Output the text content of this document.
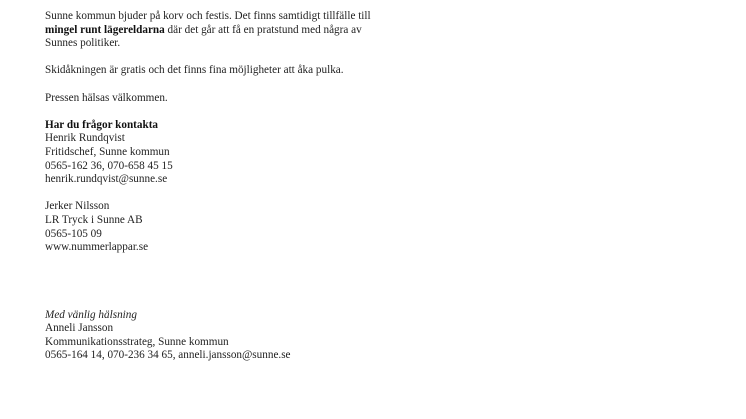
Sunne kommun bjuder på korv och festis. Det finns samtidigt tillfälle till

mingel runt lägereldarna där det går att få en pratstund med några av

Sunnes politiker.

Skidåkningen är gratis och det finns fina möjligheter att åka pulka.

Pressen hälsas välkommen.

Har du frågor kontakta

Henrik Rundqvist

Fritidschef, Sunne kommun

0565-162 36, 070-658 45 15

henrik.rundqvist@sunne.se

Jerker Nilsson

LR Tryck i Sunne AB

0565-105 09

www.nummerlappar.se

Med vänlig hälsning

Anneli Jansson

Kommunikationsstrateg, Sunne kommun

0565-164 14, 070-236 34 65, anneli.jansson@sunne.se
